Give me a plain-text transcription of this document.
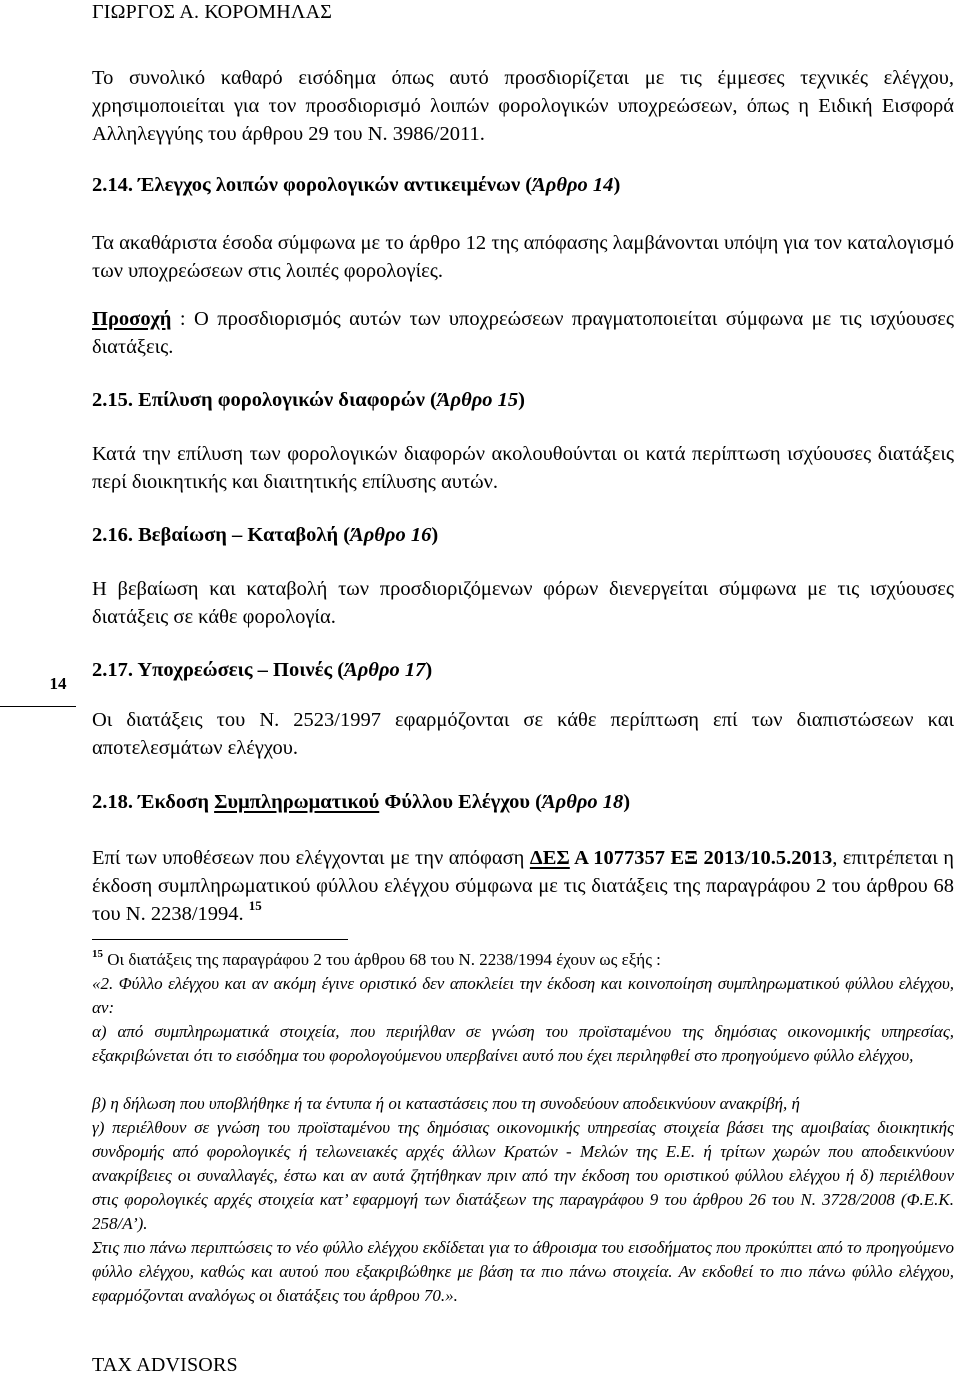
ΓΙΩΡΓΟΣ Α. ΚΟΡΟΜΗΛΑΣ
Το συνολικό καθαρό εισόδημα όπως αυτό προσδιορίζεται με τις έμμεσες τεχνικές ελέγχου, χρησιμοποιείται για τον προσδιορισμό λοιπών φορολογικών υποχρεώσεων, όπως η Ειδική Εισφορά Αλληλεγγύης του άρθρου 29 του Ν. 3986/2011.
2.14. Έλεγχος λοιπών φορολογικών αντικειμένων (Άρθρο 14)
Τα ακαθάριστα έσοδα σύμφωνα με το άρθρο 12 της απόφασης λαμβάνονται υπόψη για τον καταλογισμό των υποχρεώσεων στις λοιπές φορολογίες.
Προσοχή : Ο προσδιορισμός αυτών των υποχρεώσεων πραγματοποιείται σύμφωνα με τις ισχύουσες διατάξεις.
2.15. Επίλυση φορολογικών διαφορών (Άρθρο 15)
Κατά την επίλυση των φορολογικών διαφορών ακολουθούνται οι κατά περίπτωση ισχύουσες διατάξεις περί διοικητικής και διαιτητικής επίλυσης αυτών.
2.16. Βεβαίωση – Καταβολή (Άρθρο 16)
Η βεβαίωση και καταβολή των προσδιοριζόμενων φόρων διενεργείται σύμφωνα με τις ισχύουσες διατάξεις σε κάθε φορολογία.
14
2.17. Υποχρεώσεις – Ποινές (Άρθρο 17)
Οι διατάξεις του Ν. 2523/1997 εφαρμόζονται σε κάθε περίπτωση επί των διαπιστώσεων και αποτελεσμάτων ελέγχου.
2.18. Έκδοση Συμπληρωματικού Φύλλου Ελέγχου (Άρθρο 18)
Επί των υποθέσεων που ελέγχονται με την απόφαση ΔΕΣ Α 1077357 ΕΞ 2013/10.5.2013, επιτρέπεται η έκδοση συμπληρωματικού φύλλου ελέγχου σύμφωνα με τις διατάξεις της παραγράφου 2 του άρθρου 68 του Ν. 2238/1994. $^{15}$
$^{15}$ Οι διατάξεις της παραγράφου 2 του άρθρου 68 του Ν. 2238/1994 έχουν ως εξής :
«2. Φύλλο ελέγχου και αν ακόμη έγινε οριστικό δεν αποκλείει την έκδοση και κοινοποίηση συμπληρωματικού φύλλου ελέγχου, αν:
α) από συμπληρωματικά στοιχεία, που περιήλθαν σε γνώση του προϊσταμένου της δημόσιας οικονομικής υπηρεσίας, εξακριβώνεται ότι το εισόδημα του φορολογούμενου υπερβαίνει αυτό που έχει περιληφθεί στο προηγούμενο φύλλο ελέγχου,
β) η δήλωση που υποβλήθηκε ή τα έντυπα ή οι καταστάσεις που τη συνοδεύουν αποδεικνύουν ανακρίβή, ή
γ) περιέλθουν σε γνώση του προϊσταμένου της δημόσιας οικονομικής υπηρεσίας στοιχεία βάσει της αμοιβαίας διοικητικής συνδρομής από φορολογικές ή τελωνειακές αρχές άλλων Κρατών - Μελών της Ε.Ε. ή τρίτων χωρών που αποδεικνύουν ανακρίβειες οι συναλλαγές, έστω και αν αυτά ζητήθηκαν πριν από την έκδοση του οριστικού φύλλου ελέγχου ή δ) περιέλθουν στις φορολογικές αρχές στοιχεία κατ’ εφαρμογή των διατάξεων της παραγράφου 9 του άρθρου 26 του Ν. 3728/2008 (Φ.Ε.Κ. 258/Α’).
Στις πιο πάνω περιπτώσεις το νέο φύλλο ελέγχου εκδίδεται για το άθροισμα του εισοδήματος που προκύπτει από το προηγούμενο φύλλο ελέγχου, καθώς και αυτού που εξακριβώθηκε με βάση τα πιο πάνω στοιχεία. Αν εκδοθεί το πιο πάνω φύλλο ελέγχου, εφαρμόζονται αναλόγως οι διατάξεις του άρθρου 70.».
TAX ADVISORS
